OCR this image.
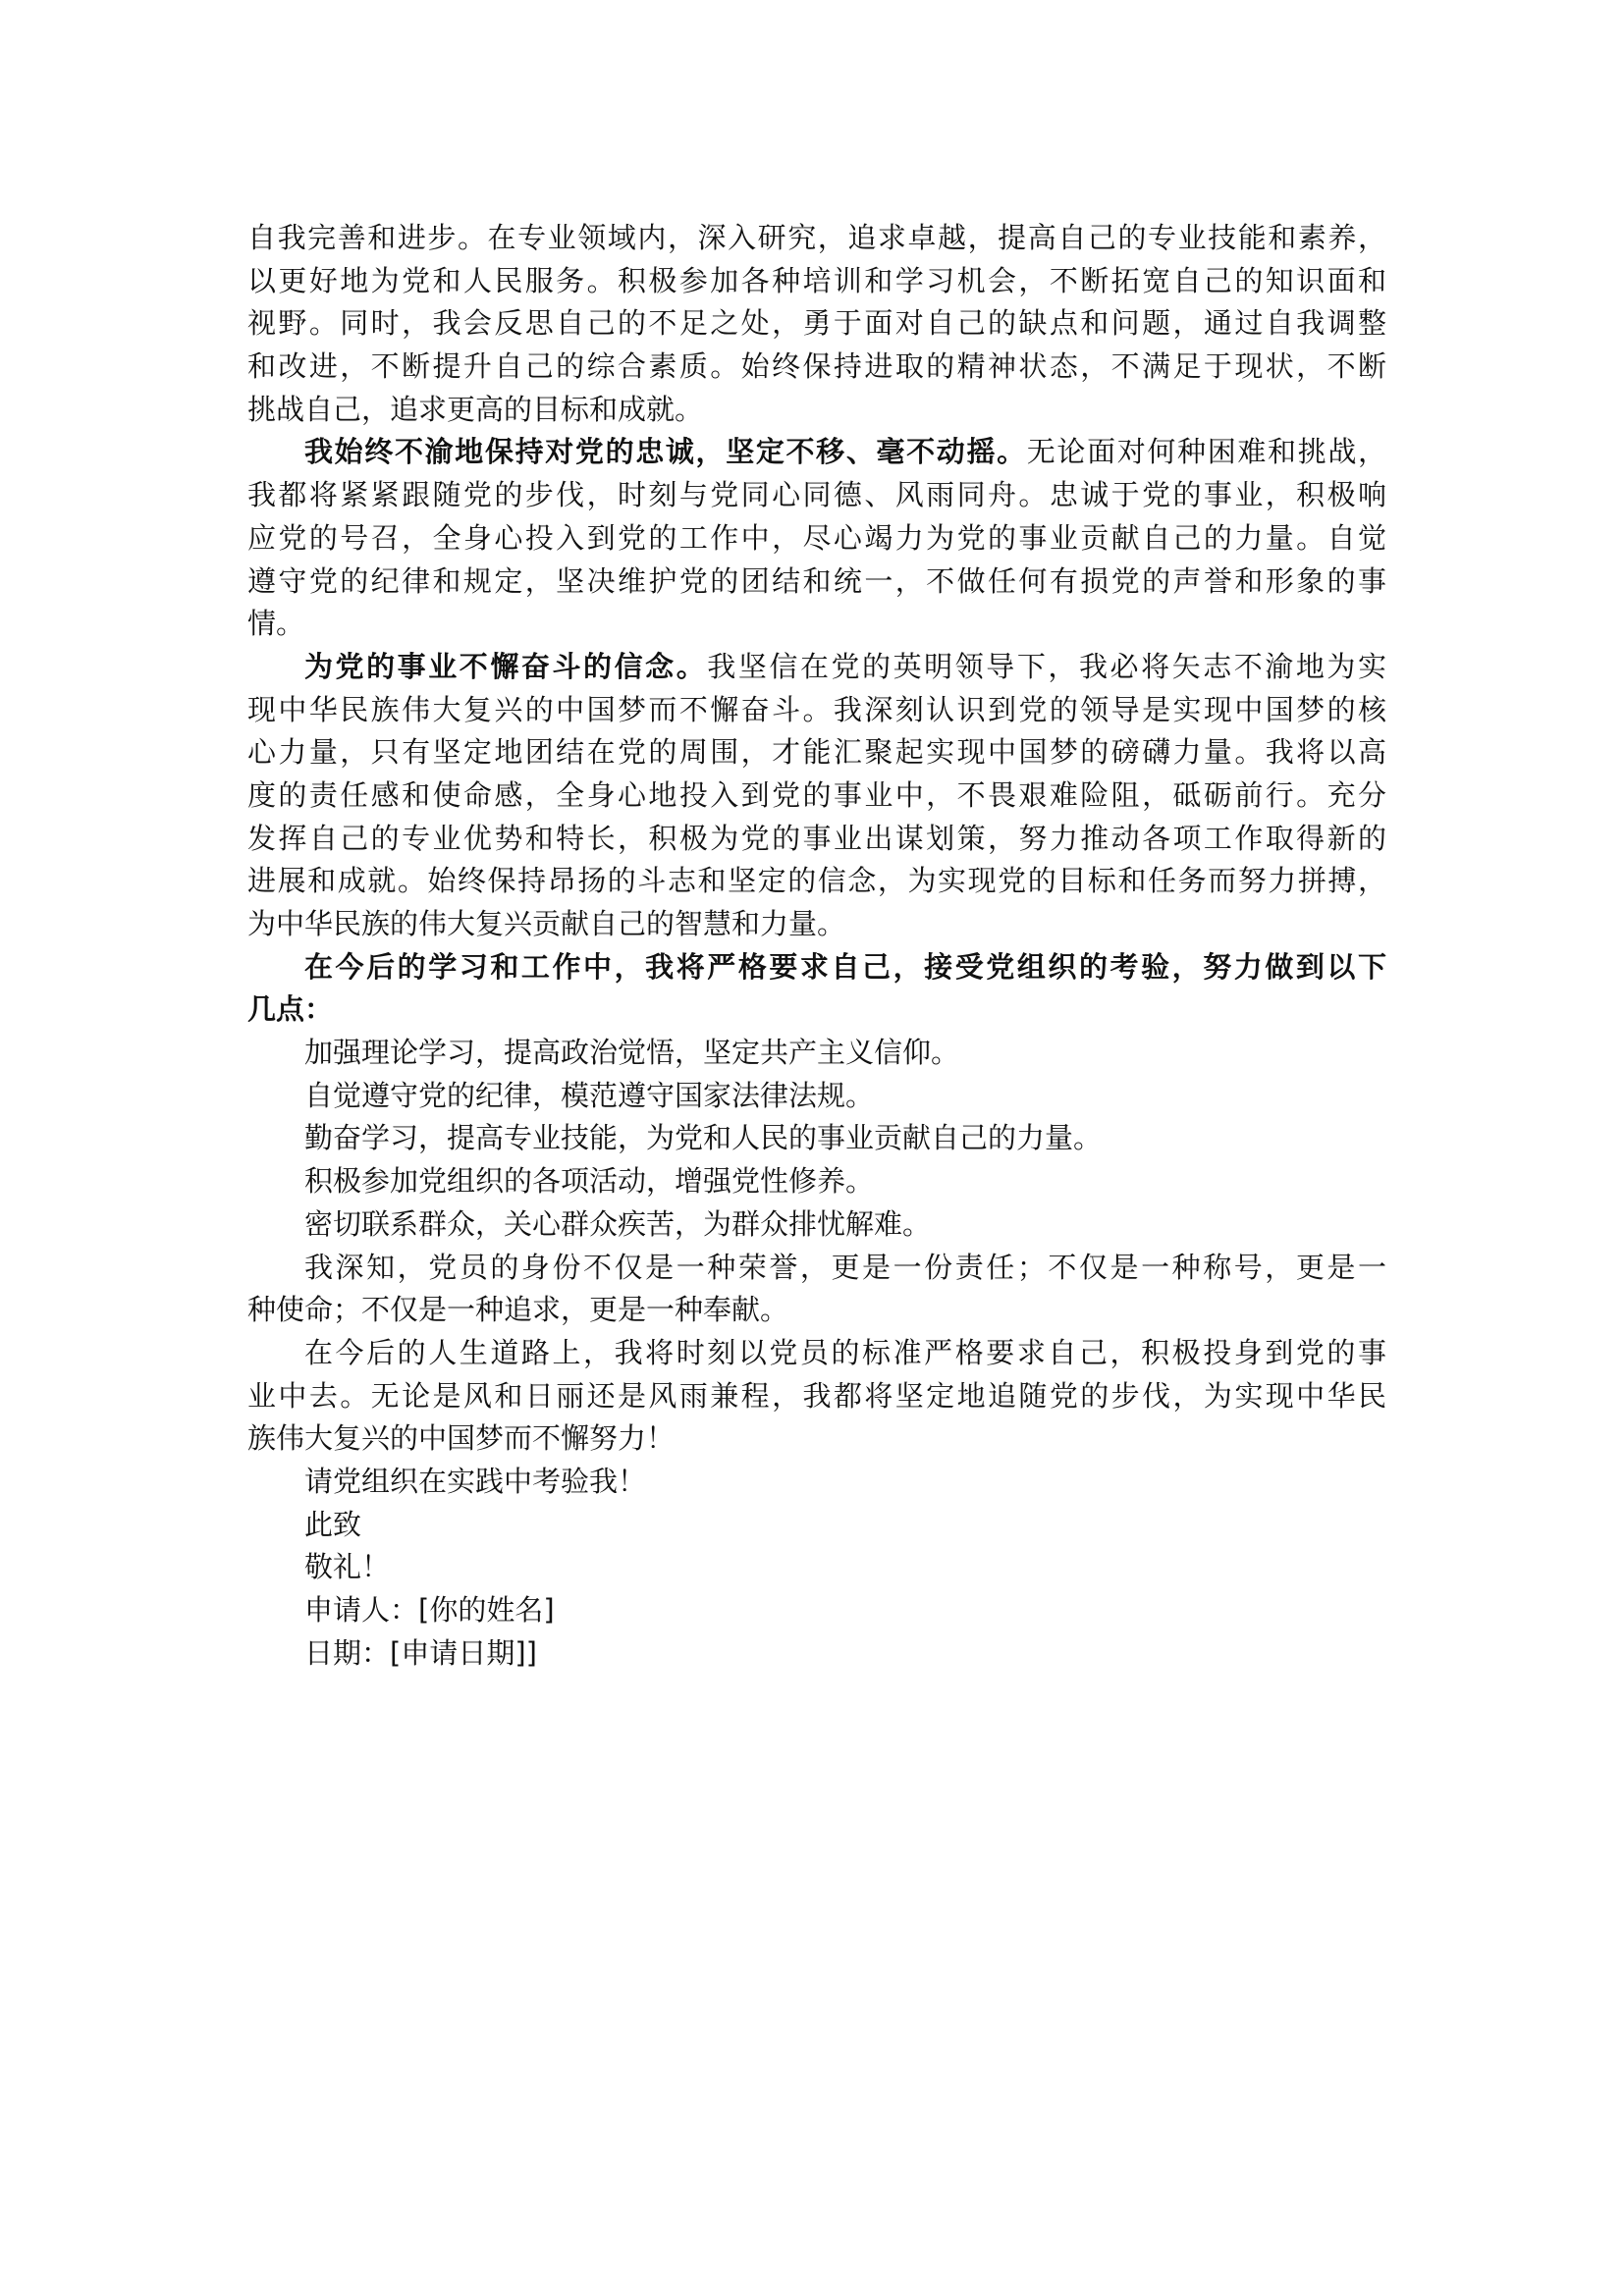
自我完善和进步。在专业领域内，深入研究，追求卓越，提高自己的专业技能和素养，
以更好地为党和人民服务。积极参加各种培训和学习机会，不断拓宽自己的知识面和
视野。同时，我会反思自己的不足之处，勇于面对自己的缺点和问题，通过自我调整
和改进，不断提升自己的综合素质。始终保持进取的精神状态，不满足于现状，不断
挑战自己，追求更高的目标和成就。
我始终不渝地保持对党的忠诚，坚定不移、毫不动摇。无论面对何种困难和挑战，
我都将紧紧跟随党的步伐，时刻与党同心同德、风雨同舟。忠诚于党的事业，积极响
应党的号召，全身心投入到党的工作中，尽心竭力为党的事业贡献自己的力量。自觉
遵守党的纪律和规定，坚决维护党的团结和统一，不做任何有损党的声誉和形象的事
情。
为党的事业不懈奋斗的信念。我坚信在党的英明领导下，我必将矢志不渝地为实
现中华民族伟大复兴的中国梦而不懈奋斗。我深刻认识到党的领导是实现中国梦的核
心力量，只有坚定地团结在党的周围，才能汇聚起实现中国梦的磅礴力量。我将以高
度的责任感和使命感，全身心地投入到党的事业中，不畏艰难险阻，砥砺前行。充分
发挥自己的专业优势和特长，积极为党的事业出谋划策，努力推动各项工作取得新的
进展和成就。始终保持昂扬的斗志和坚定的信念，为实现党的目标和任务而努力拼搏，
为中华民族的伟大复兴贡献自己的智慧和力量。
在今后的学习和工作中，我将严格要求自己，接受党组织的考验，努力做到以下
几点：
加强理论学习，提高政治觉悟，坚定共产主义信仰。
自觉遵守党的纪律，模范遵守国家法律法规。
勤奋学习，提高专业技能，为党和人民的事业贡献自己的力量。
积极参加党组织的各项活动，增强党性修养。
密切联系群众，关心群众疾苦，为群众排忧解难。
我深知，党员的身份不仅是一种荣誉，更是一份责任；不仅是一种称号，更是一
种使命；不仅是一种追求，更是一种奉献。
在今后的人生道路上，我将时刻以党员的标准严格要求自己，积极投身到党的事
业中去。无论是风和日丽还是风雨兼程，我都将坚定地追随党的步伐，为实现中华民
族伟大复兴的中国梦而不懈努力！
请党组织在实践中考验我！
此致
敬礼！
申请人：[你的姓名]
日期：[申请日期]]
